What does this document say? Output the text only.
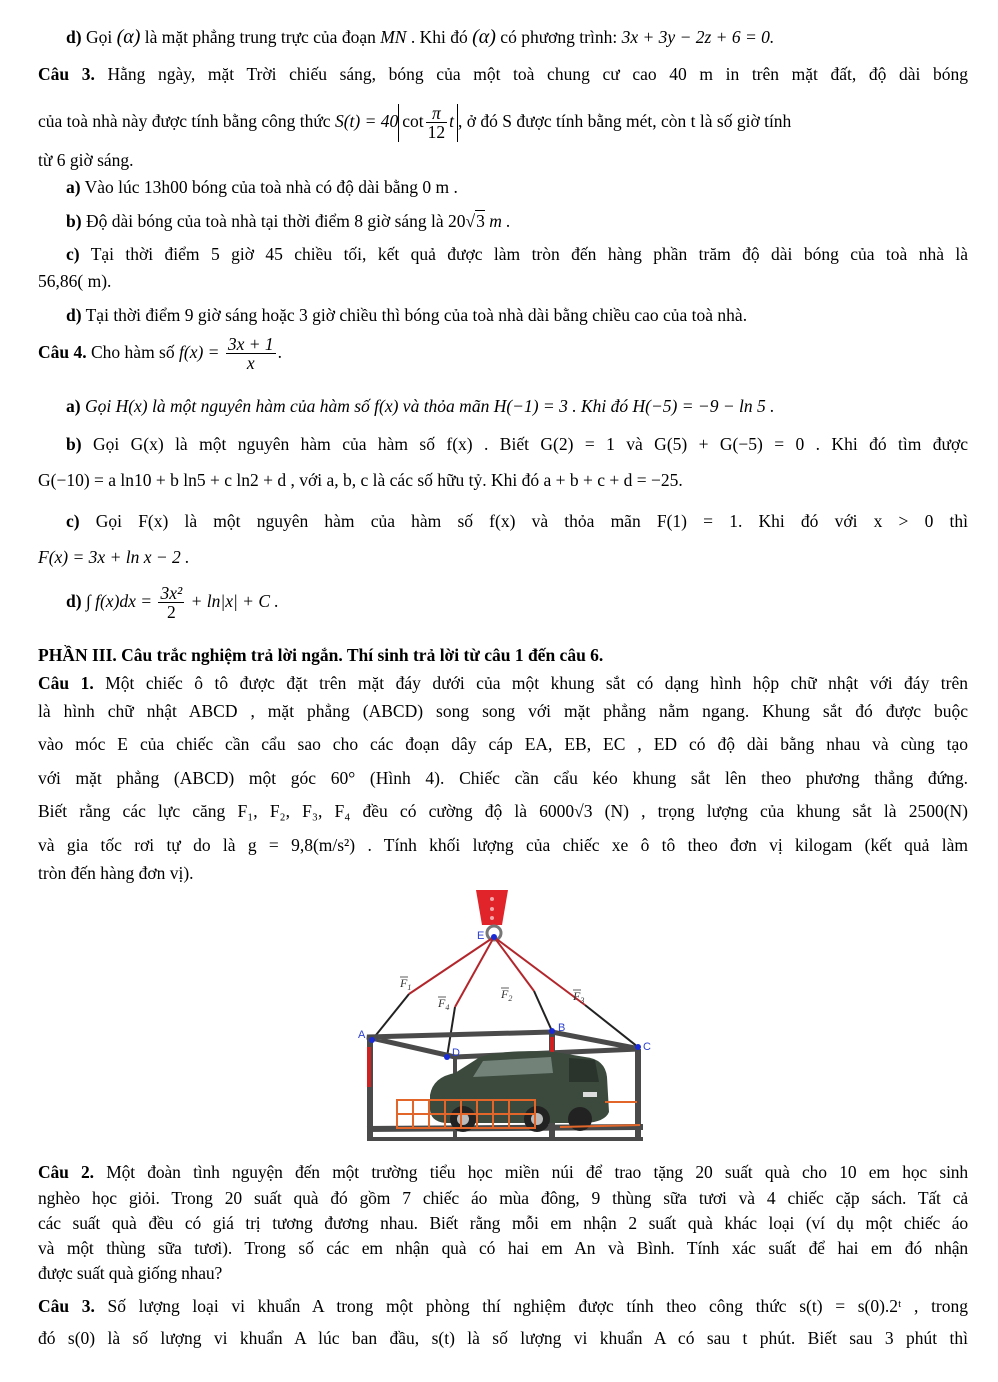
d) Gọi (α) là mặt phẳng trung trực của đoạn MN . Khi đó (α) có phương trình: 3x + 3y − 2z + 6 = 0.
Câu 3. Hằng ngày, mặt Trời chiếu sáng, bóng của một toà chung cư cao 40 m in trên mặt đất, độ dài bóng
của toà nhà này được tính bằng công thức S(t) = 40 $\cot \frac{\pi}{12}$ t , ở đó S được tính bằng mét, còn t là số giờ tính
từ 6 giờ sáng.
a) Vào lúc 13h00 bóng của toà nhà có độ dài bằng 0 m .
b) Độ dài bóng của toà nhà tại thời điểm 8 giờ sáng là 20√3 m .
c) Tại thời điểm 5 giờ 45 chiều tối, kết quả được làm tròn đến hàng phần trăm độ dài bóng của toà nhà là
56,86( m).
d) Tại thời điểm 9 giờ sáng hoặc 3 giờ chiều thì bóng của toà nhà dài bằng chiều cao của toà nhà.
Câu 4. Cho hàm số $f(x) = \frac{3x + 1}{x}$ .
a) Gọi H(x) là một nguyên hàm của hàm số f(x) và thỏa mãn H(−1) = 3 . Khi đó H(−5) = −9 − ln 5 .
b) Gọi G(x) là một nguyên hàm của hàm số f(x) . Biết G(2) = 1 và G(5) + G(−5) = 0 . Khi đó tìm được
G(−10) = a ln10 + b ln5 + c ln2 + d , với a, b, c là các số hữu tỷ. Khi đó a + b + c + d = −25.
c) Gọi F(x) là một nguyên hàm của hàm số f(x) và thỏa mãn F(1) = 1. Khi đó với x > 0 thì
F(x) = 3x + ln x − 2 .
d) ∫ $f(x)dx = \frac{\text{3x²}}{2} + \ln|x| + C$ .
PHẦN III. Câu trắc nghiệm trả lời ngắn. Thí sinh trả lời từ câu 1 đến câu 6.
Câu 1. Một chiếc ô tô được đặt trên mặt đáy dưới của một khung sắt có dạng hình hộp chữ nhật với đáy trên
là hình chữ nhật ABCD , mặt phẳng (ABCD) song song với mặt phẳng nằm ngang. Khung sắt đó được buộc
vào móc E của chiếc cần cẩu sao cho các đoạn dây cáp EA, EB, EC , ED có độ dài bằng nhau và cùng tạo
với mặt phẳng (ABCD) một góc 60° (Hình 4). Chiếc cần cẩu kéo khung sắt lên theo phương thẳng đứng.
Biết rằng các lực căng F₁, F₂, F₃, F₄ đều có cường độ là 6000√3 (N) , trọng lượng của khung sắt là 2500(N)
và gia tốc rơi tự do là g = 9,8(m/s²) . Tính khối lượng của chiếc xe ô tô theo đơn vị kilogam (kết quả làm
tròn đến hàng đơn vị).
E
A
B
C
D
$F_1$
$F_4$
$F_2$	$F_3$
Câu 2. Một đoàn tình nguyện đến một trường tiểu học miền núi để trao tặng 20 suất quà cho 10 em học sinh
nghèo học giỏi. Trong 20 suất quà đó gồm 7 chiếc áo mùa đông, 9 thùng sữa tươi và 4 chiếc cặp sách. Tất cả
các suất quà đều có giá trị tương đương nhau. Biết rằng mỗi em nhận 2 suất quà khác loại (ví dụ một chiếc áo
và một thùng sữa tươi). Trong số các em nhận quà có hai em An và Bình. Tính xác suất để hai em đó nhận
được suất quà giống nhau?
Câu 3. Số lượng loại vi khuẩn A trong một phòng thí nghiệm được tính theo công thức s(t) = s(0).2ᵗ , trong
đó s(0) là số lượng vi khuẩn A lúc ban đầu, s(t) là số lượng vi khuẩn A có sau t phút. Biết sau 3 phút thì
